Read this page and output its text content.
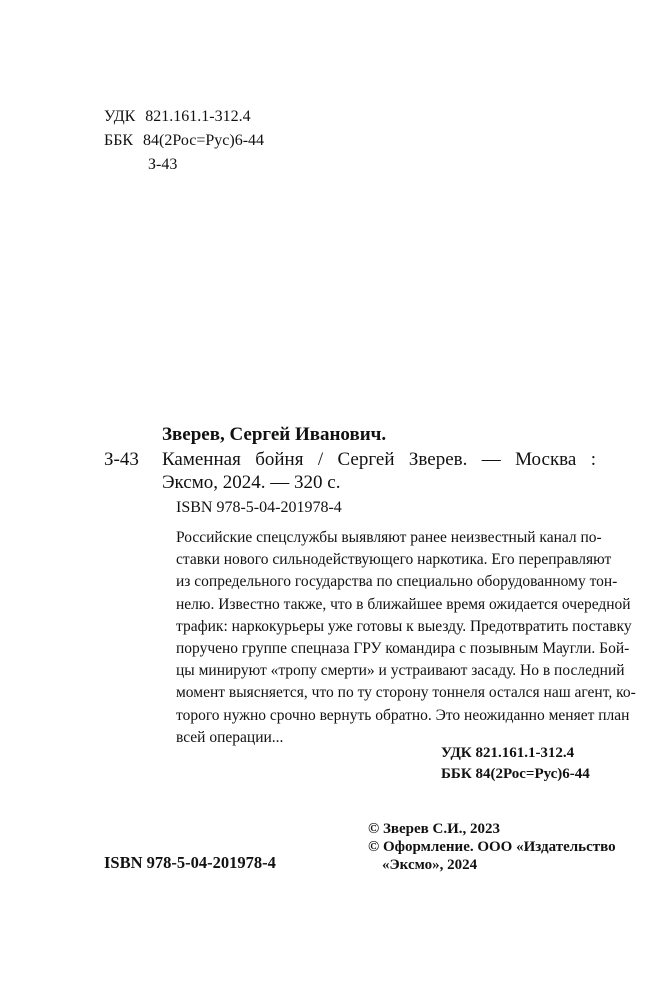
УДК 821.161.1-312.4
ББК 84(2Рос=Рус)6-44
З-43
Зверев, Сергей Иванович.
З-43 Каменная бойня / Сергей Зверев. — Москва :
Эксмо, 2024. — 320 с.
ISBN 978-5-04-201978-4
Российские спецслужбы выявляют ранее неизвестный канал по-
ставки нового сильнодействующего наркотика. Его переправляют
из сопредельного государства по специально оборудованному тон-
нелю. Известно также, что в ближайшее время ожидается очередной
трафик: наркокурьеры уже готовы к выезду. Предотвратить поставку
поручено группе спецназа ГРУ командира с позывным Маугли. Бой-
цы минируют «тропу смерти» и устраивают засаду. Но в последний
момент выясняется, что по ту сторону тоннеля остался наш агент, ко-
торого нужно срочно вернуть обратно. Это неожиданно меняет план
всей операции...
УДК 821.161.1-312.4
ББК 84(2Рос=Рус)6-44
© Зверев С.И., 2023
© Оформление. ООО «Издательство
«Эксмо», 2024
ISBN 978-5-04-201978-4
